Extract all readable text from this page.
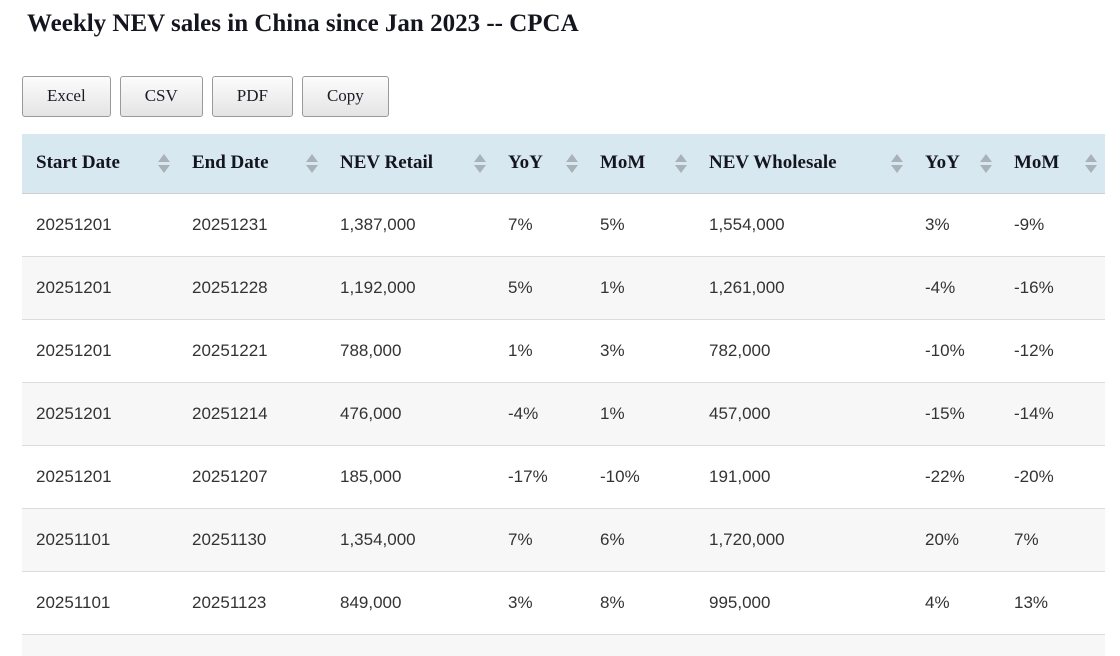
Weekly NEV sales in China since Jan 2023 -- CPCA
Excel	CSV	PDF	Copy
Start Date	End Date	NEV Retail	YoY	MoM	NEV Wholesale	YoY	MoM

20251201	20251231	1,387,000	7%	5%	1,554,000	3%	-9%
20251201	20251228	1,192,000	5%	1%	1,261,000	-4%	-16%
20251201	20251221	788,000	1%	3%	782,000	-10%	-12%
20251201	20251214	476,000	-4%	1%	457,000	-15%	-14%
20251201	20251207	185,000	-17%	-10%	191,000	-22%	-20%
20251101	20251130	1,354,000	7%	6%	1,720,000	20%	7%
20251101	20251123	849,000	3%	8%	995,000	4%	13%
